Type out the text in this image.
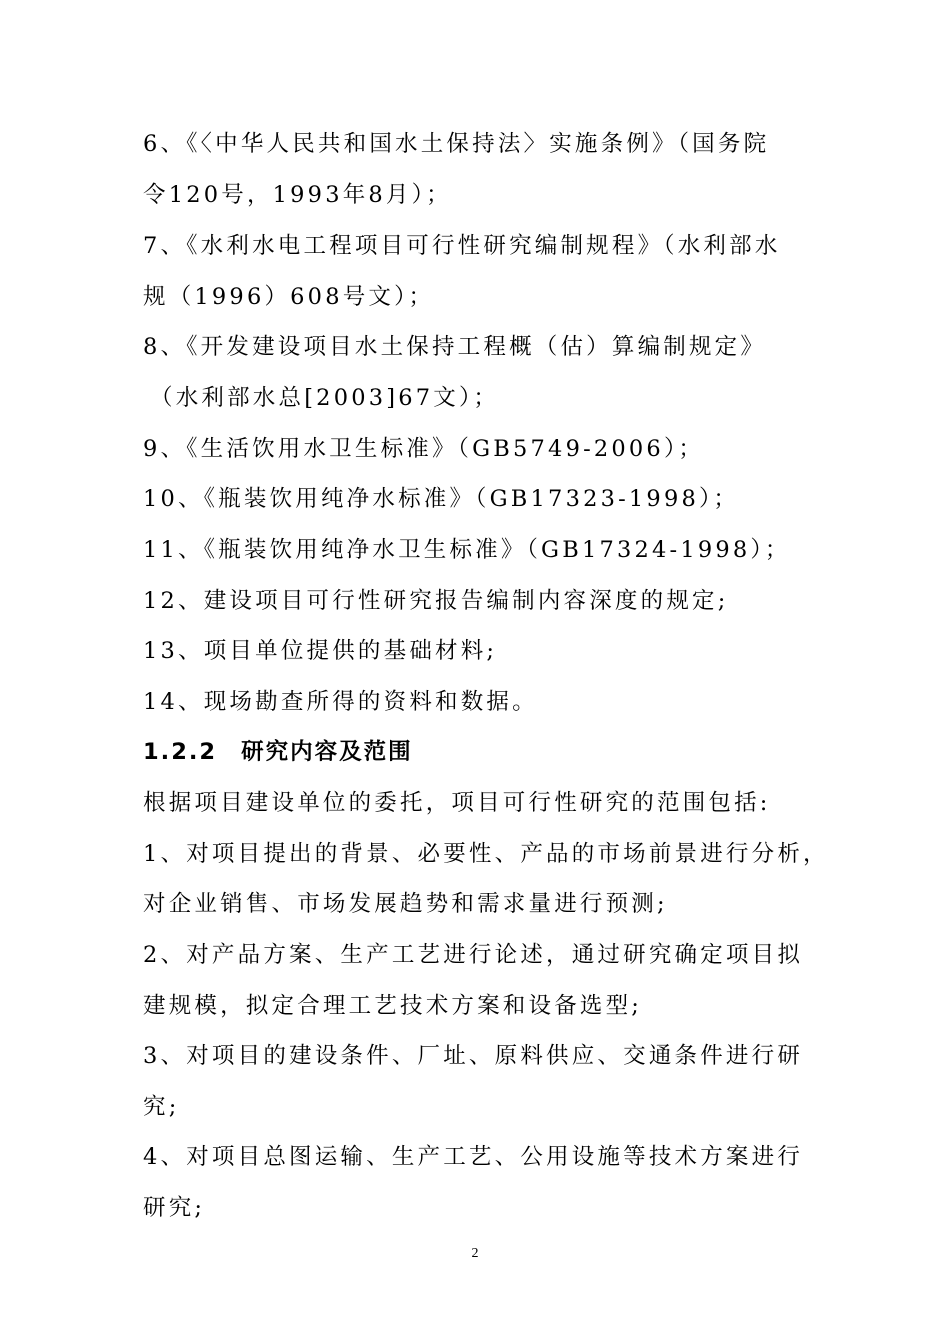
6、《〈中华人民共和国水土保持法〉实施条例》（国务院
令120号，1993年8月）；
7、《水利水电工程项目可行性研究编制规程》（水利部水
规（1996）608号文）；
8、《开发建设项目水土保持工程概（估）算编制规定》
（水利部水总[2003]67文）；
9、《生活饮用水卫生标准》（GB5749-2006）；
10、《瓶装饮用纯净水标准》（GB17323-1998）；
11、《瓶装饮用纯净水卫生标准》（GB17324-1998）；
12、建设项目可行性研究报告编制内容深度的规定;
13、项目单位提供的基础材料;
14、现场勘查所得的资料和数据。
1.2.2 研究内容及范围
根据项目建设单位的委托，项目可行性研究的范围包括:
1、对项目提出的背景、必要性、产品的市场前景进行分析，
对企业销售、市场发展趋势和需求量进行预测;
2、对产品方案、生产工艺进行论述，通过研究确定项目拟
建规模，拟定合理工艺技术方案和设备选型;
3、对项目的建设条件、厂址、原料供应、交通条件进行研
究;
4、对项目总图运输、生产工艺、公用设施等技术方案进行
研究;
2
